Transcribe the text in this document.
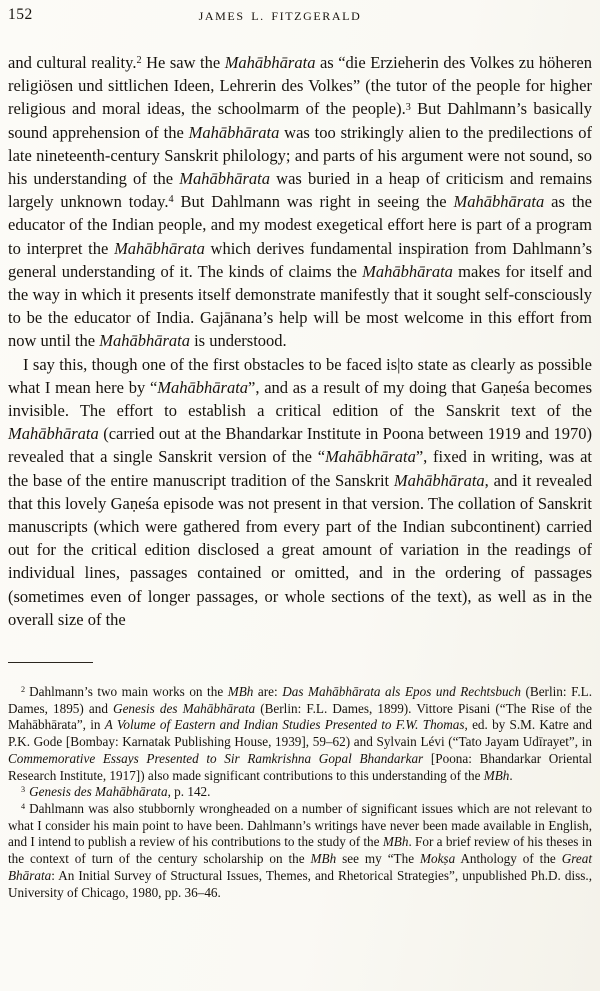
152	JAMES L. FITZGERALD

and cultural reality.$^2$ He saw the Mahābhārata as “die Erzieherin des Volkes zu höheren religiösen und sittlichen Ideen, Lehrerin des Volkes” (the tutor of the people for higher religious and moral ideas, the schoolmarm of the people).$^3$ But Dahlmann’s basically sound apprehension of the Mahābhārata was too strikingly alien to the predilections of late nineteenth-century Sanskrit philology; and parts of his argument were not sound, so his understanding of the Mahābhārata was buried in a heap of criticism and remains largely unknown today.$^4$ But Dahlmann was right in seeing the Mahābhārata as the educator of the Indian people, and my modest exegetical effort here is part of a program to interpret the Mahābhārata which derives fundamental inspiration from Dahlmann’s general understanding of it. The kinds of claims the Mahābhārata makes for itself and the way in which it presents itself demonstrate manifestly that it sought self-consciously to be the educator of India. Gajānana’s help will be most welcome in this effort from now until the Mahābhārata is understood.

I say this, though one of the first obstacles to be faced is|to state as clearly as possible what I mean here by “Mahābhārata”, and as a result of my doing that Gaṇeśa becomes invisible. The effort to establish a critical edition of the Sanskrit text of the Mahābhārata (carried out at the Bhandarkar Institute in Poona between 1919 and 1970) revealed that a single Sanskrit version of the “Mahābhārata”, fixed in writing, was at the base of the entire manuscript tradition of the Sanskrit Mahābhārata, and it revealed that this lovely Gaṇeśa episode was not present in that version. The collation of Sanskrit manuscripts (which were gathered from every part of the Indian subcontinent) carried out for the critical edition disclosed a great amount of variation in the readings of individual lines, passages contained or omitted, and in the ordering of passages (sometimes even of longer passages, or whole sections of the text), as well as in the overall size of the

$^2$ Dahlmann’s two main works on the MBh are: Das Mahābhārata als Epos und Rechtsbuch (Berlin: F.L. Dames, 1895) and Genesis des Mahābhārata (Berlin: F.L. Dames, 1899). Vittore Pisani (“The Rise of the Mahābhārata”, in A Volume of Eastern and Indian Studies Presented to F.W. Thomas, ed. by S.M. Katre and P.K. Gode [Bombay: Karnatak Publishing House, 1939], 59–62) and Sylvain Lévi (“Tato Jayam Udīrayet”, in Commemorative Essays Presented to Sir Ramkrishna Gopal Bhandarkar [Poona: Bhandarkar Oriental Research Institute, 1917]) also made significant contributions to this understanding of the MBh.

$^3$ Genesis des Mahābhārata, p. 142.

$^4$ Dahlmann was also stubbornly wrongheaded on a number of significant issues which are not relevant to what I consider his main point to have been. Dahlmann’s writings have never been made available in English, and I intend to publish a review of his contributions to the study of the MBh. For a brief review of his theses in the context of turn of the century scholarship on the MBh see my “The Mokṣa Anthology of the Great Bhārata: An Initial Survey of Structural Issues, Themes, and Rhetorical Strategies”, unpublished Ph.D. diss., University of Chicago, 1980, pp. 36–46.
